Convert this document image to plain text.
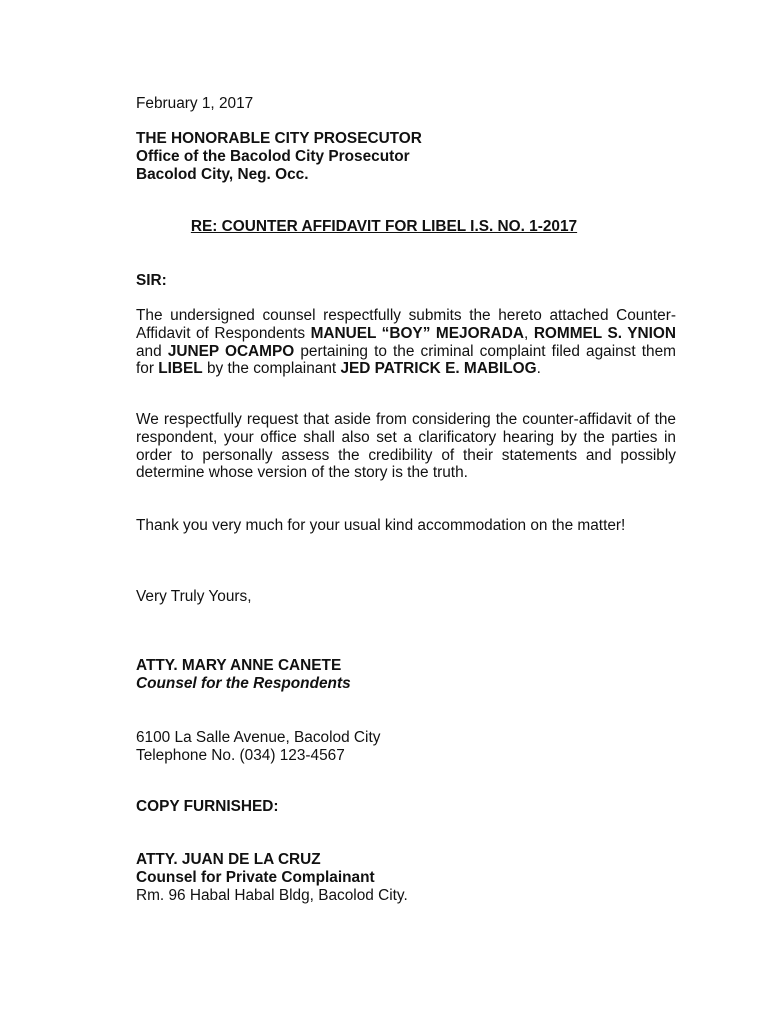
February 1, 2017

THE HONORABLE CITY PROSECUTOR
Office of the Bacolod City Prosecutor
Bacolod City, Neg. Occ.

RE: COUNTER AFFIDAVIT FOR LIBEL I.S. NO. 1-2017

SIR:

The undersigned counsel respectfully submits the hereto attached Counter-Affidavit of Respondents MANUEL “BOY” MEJORADA, ROMMEL S. YNION and JUNEP OCAMPO pertaining to the criminal complaint filed against them for LIBEL by the complainant JED PATRICK E. MABILOG.

We respectfully request that aside from considering the counter-affidavit of the respondent, your office shall also set a clarificatory hearing by the parties in order to personally assess the credibility of their statements and possibly determine whose version of the story is the truth.

Thank you very much for your usual kind accommodation on the matter!

Very Truly Yours,

ATTY. MARY ANNE CANETE
Counsel for the Respondents
6100 La Salle Avenue, Bacolod City
Telephone No. (034) 123-4567

COPY FURNISHED:

ATTY. JUAN DE LA CRUZ
Counsel for Private Complainant
Rm. 96 Habal Habal Bldg, Bacolod City.
